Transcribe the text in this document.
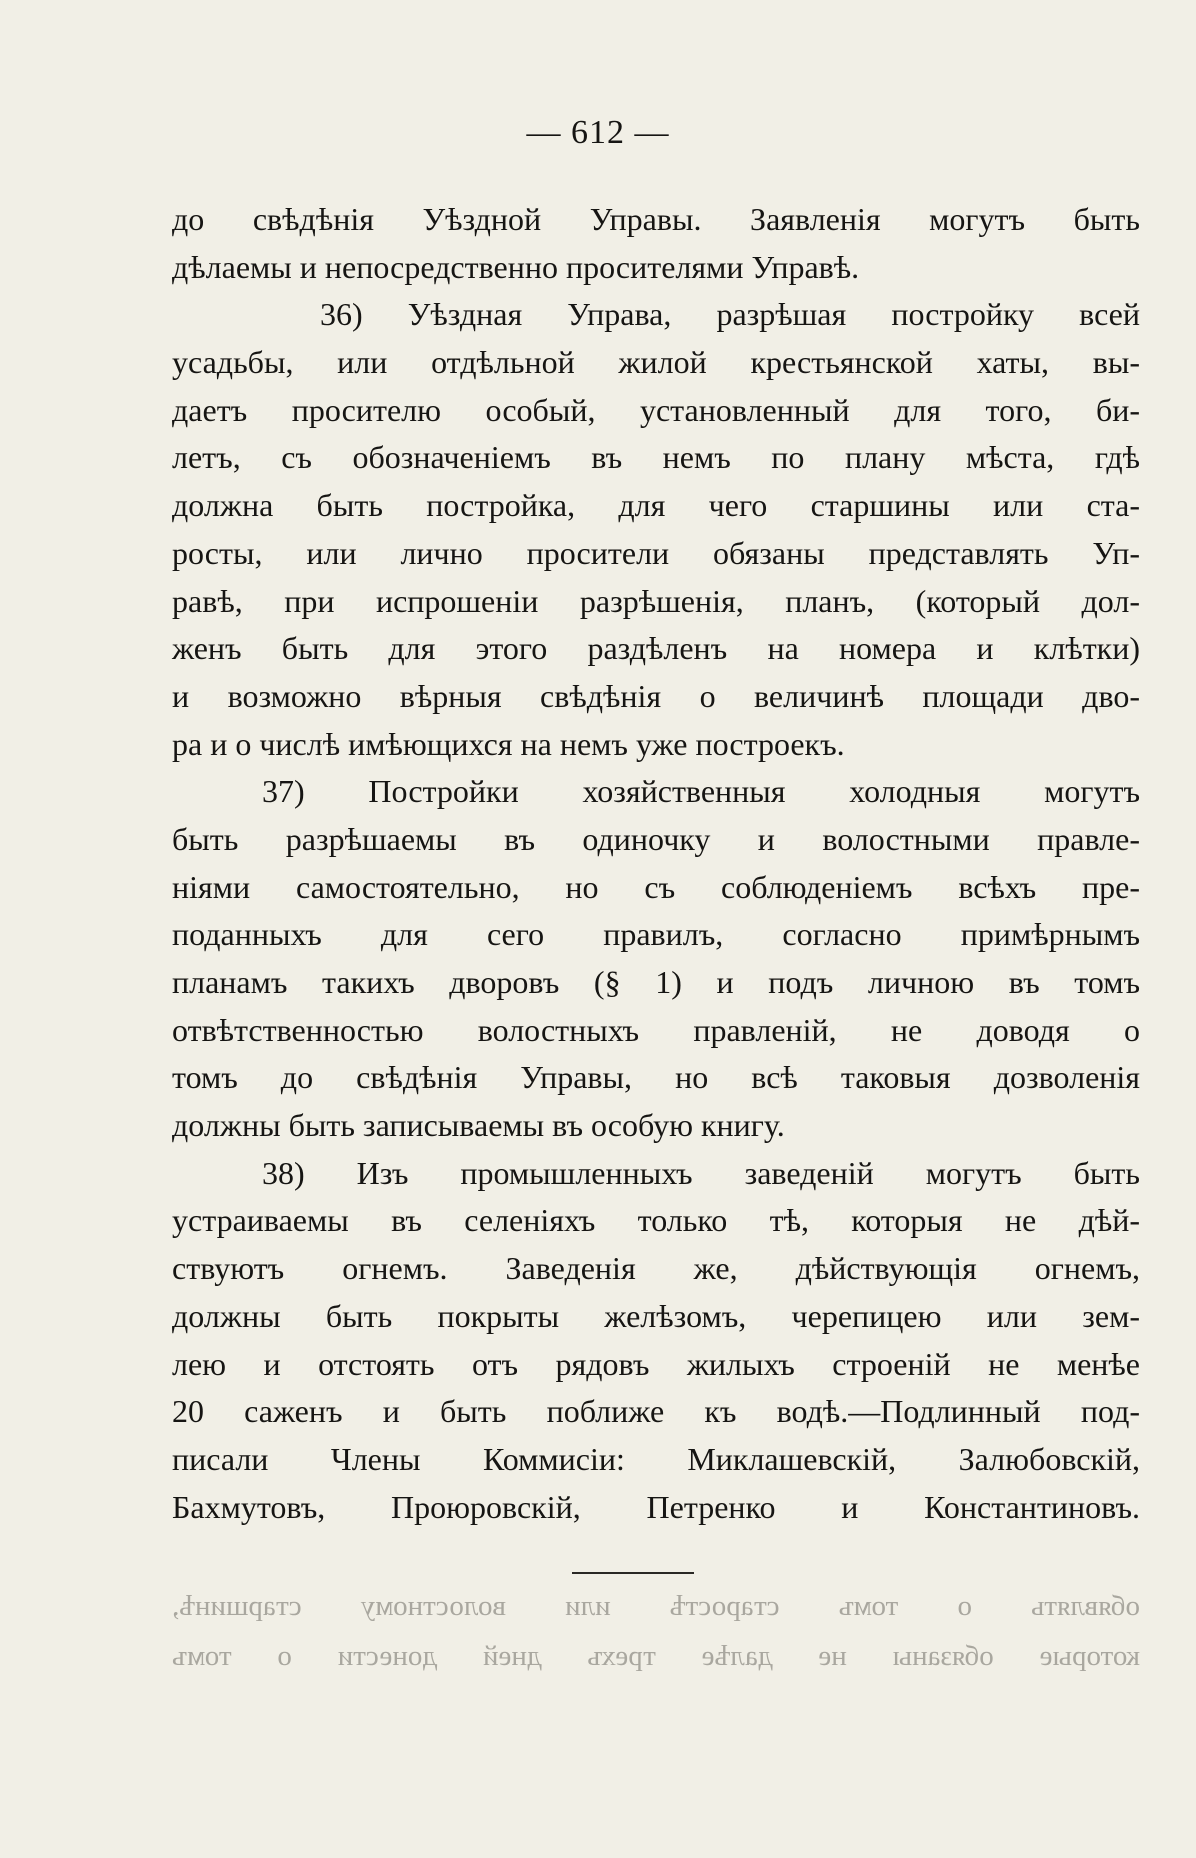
— 612 —
до свѣдѣнія Уѣздной Управы. Заявленія могутъ быть
дѣлаемы и непосредственно просителями Управѣ.
36) Уѣздная Управа, разрѣшая постройку всей
усадьбы, или отдѣльной жилой крестьянской хаты, вы-
даетъ просителю особый, установленный для того, би-
летъ, съ обозначеніемъ въ немъ по плану мѣста, гдѣ
должна быть постройка, для чего старшины или ста-
росты, или лично просители обязаны представлять Уп-
равѣ, при испрошеніи разрѣшенія, планъ, (который дол-
женъ быть для этого раздѣленъ на номера и клѣтки)
и возможно вѣрныя свѣдѣнія о величинѣ площади дво-
ра и о числѣ имѣющихся на немъ уже построекъ.
37) Постройки хозяйственныя холодныя могутъ
быть разрѣшаемы въ одиночку и волостными правле-
ніями самостоятельно, но съ соблюденіемъ всѣхъ пре-
поданныхъ для сего правилъ, согласно примѣрнымъ
планамъ такихъ дворовъ (§ 1) и подъ личною въ томъ
отвѣтственностью волостныхъ правленій, не доводя о
томъ до свѣдѣнія Управы, но всѣ таковыя дозволенія
должны быть записываемы въ особую книгу.
38) Изъ промышленныхъ заведеній могутъ быть
устраиваемы въ селеніяхъ только тѣ, которыя не дѣй-
ствуютъ огнемъ. Заведенія же, дѣйствующія огнемъ,
должны быть покрыты желѣзомъ, черепицею или зем-
лею и отстоять отъ рядовъ жилыхъ строеній не менѣе
20 саженъ и быть поближе къ водѣ.—Подлинный под-
писали Члены Коммисіи: Миклашевскій, Залюбовскій,
Бахмутовъ, Проюровскій, Петренко и Константиновъ.
обявлять о томъ старостѣ или волостному старшинѣ,
которые обязаны не далѣе трехъ дней донести о томъ
